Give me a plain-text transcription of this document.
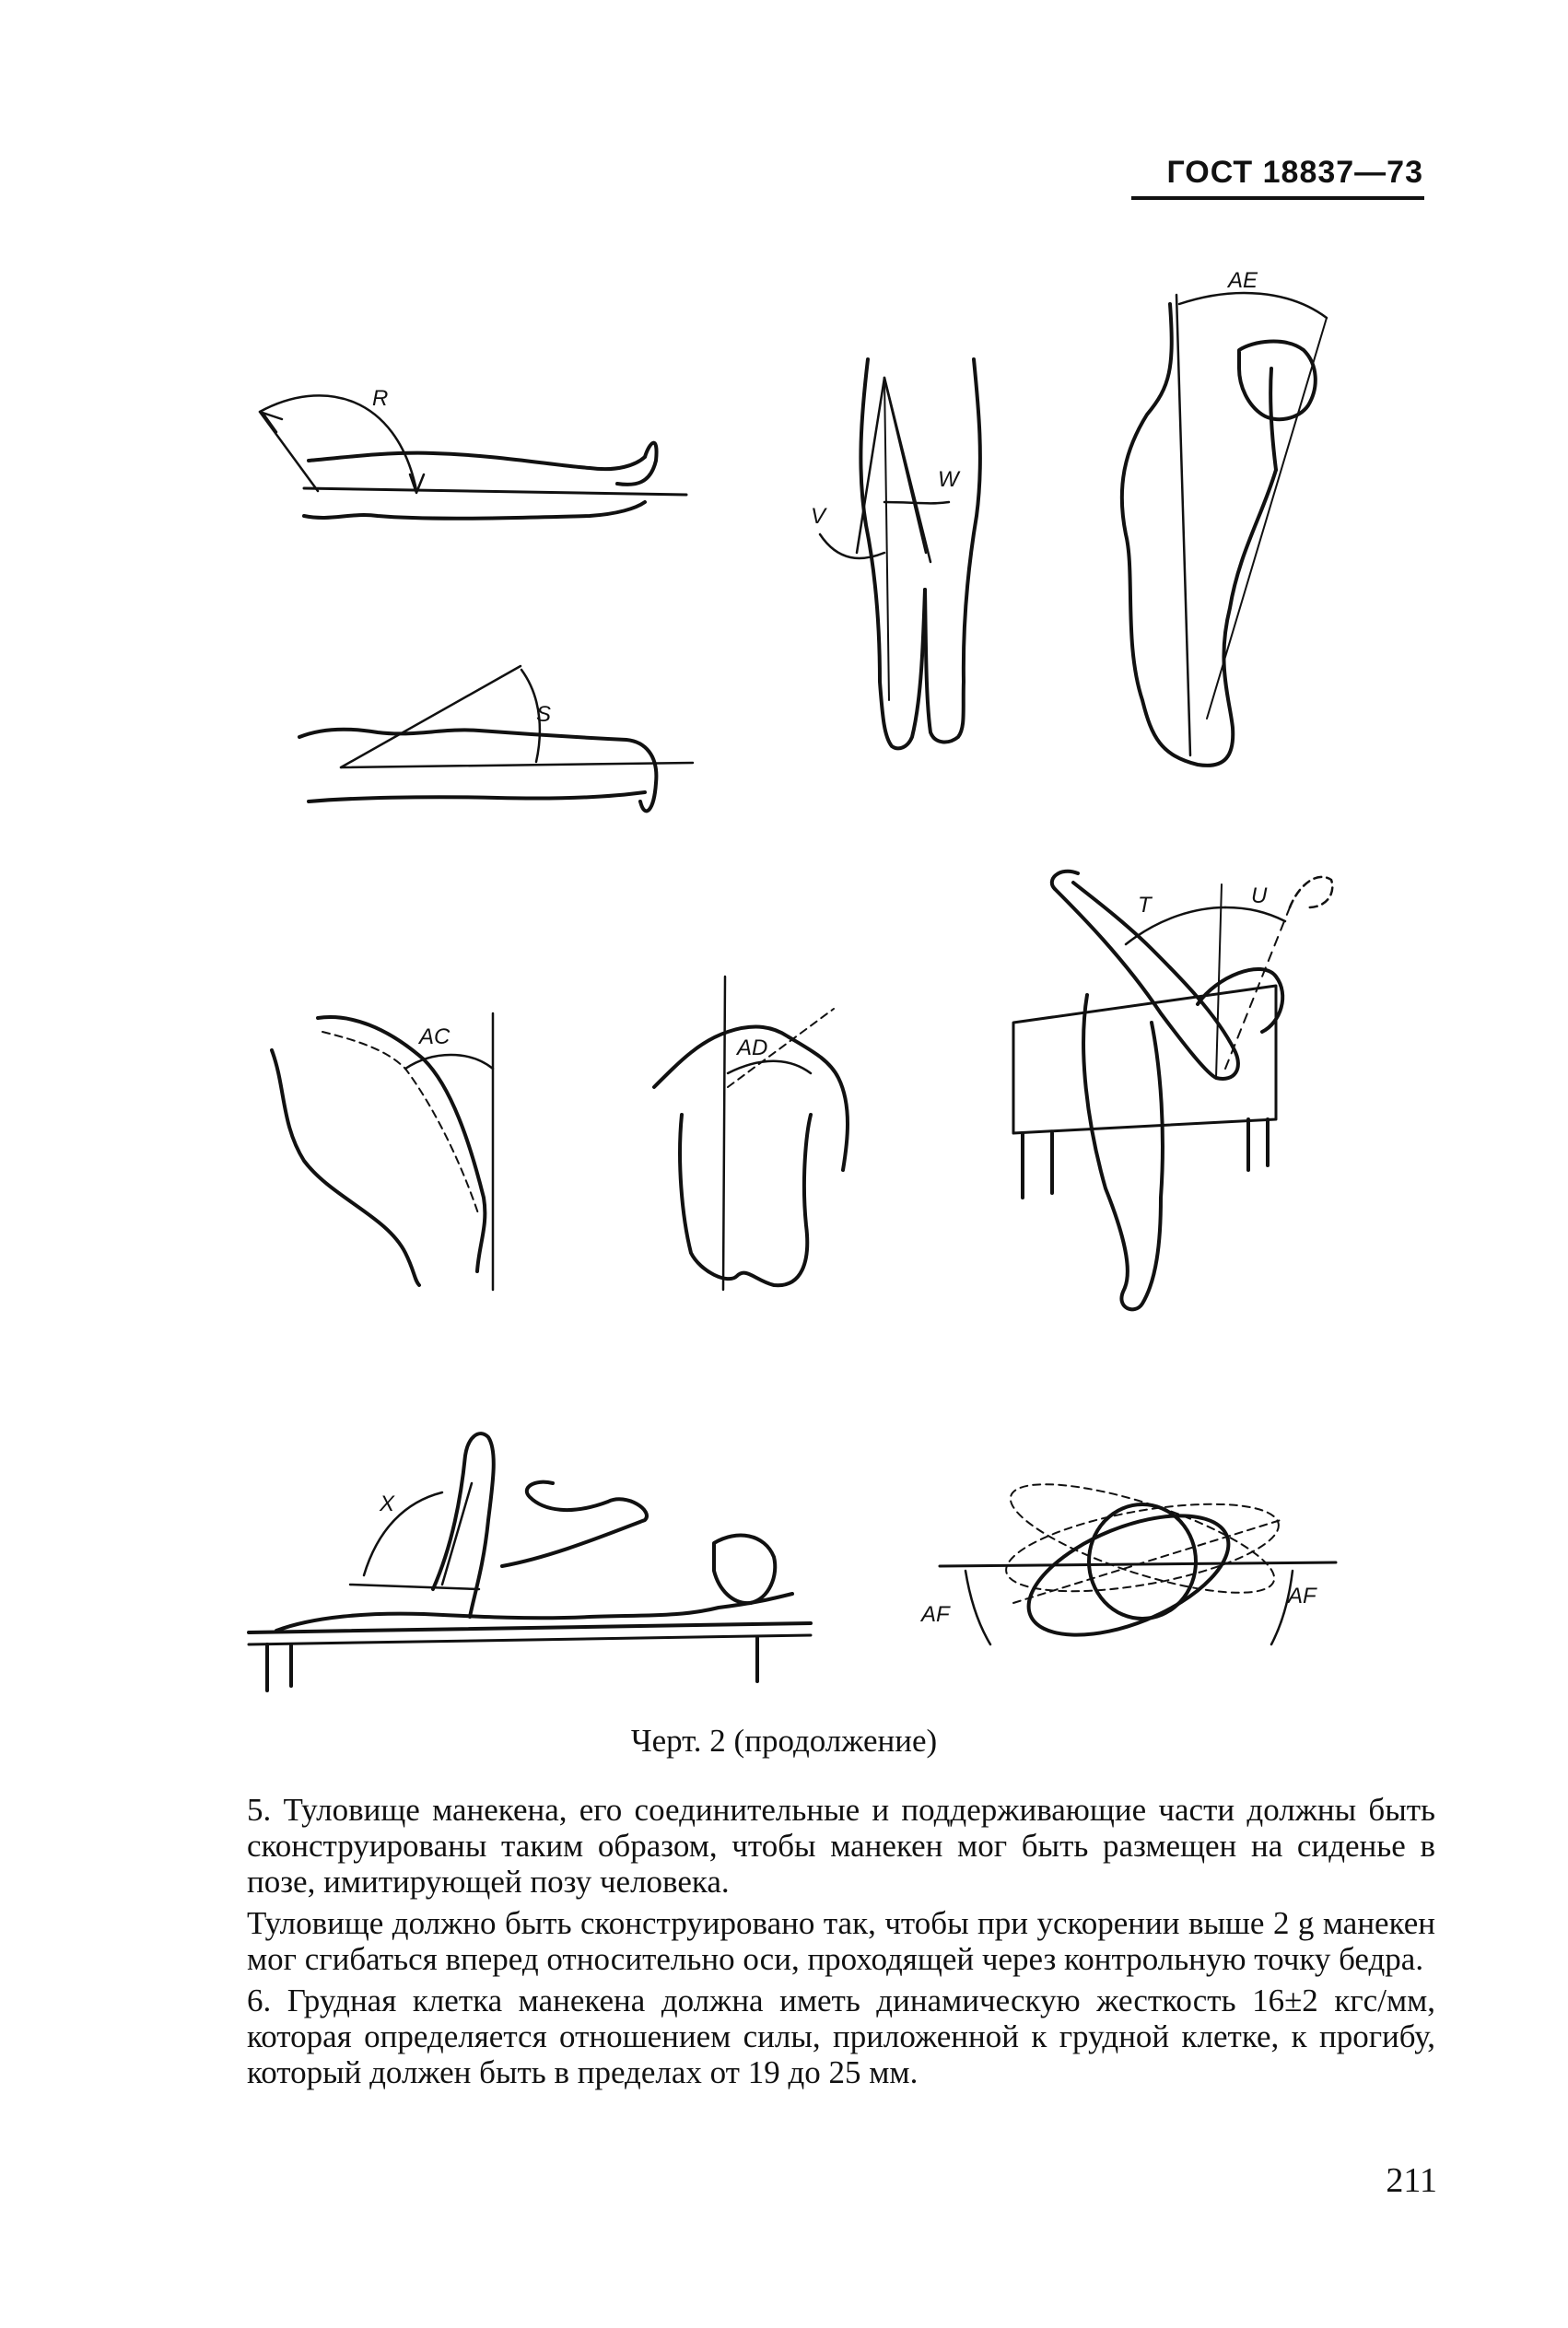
ГОСТ 18837—73
R
S
V
W
AE
T	U
AC	AD
X
AF
AF
Черт. 2 (продолжение)

5. Туловище манекена, его соединительные и поддерживающие части должны быть сконструированы таким образом, чтобы манекен мог быть размещен на сиденье в позе, имитирующей позу человека.

Туловище должно быть сконструировано так, чтобы при ускорении выше 2 g манекен мог сгибаться вперед относительно оси, проходящей через контрольную точку бедра.

6. Грудная клетка манекена должна иметь динамическую жесткость 16±2 кгс/мм, которая определяется отношением силы, приложенной к грудной клетке, к прогибу, который должен быть в пределах от 19 до 25 мм.

211
